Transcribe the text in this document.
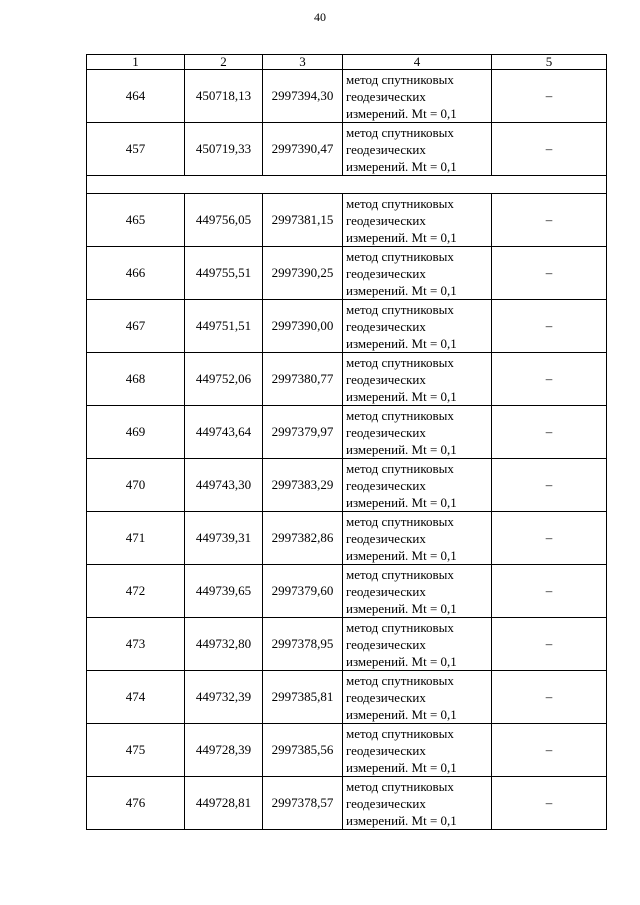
40
1	2	3	4	5
464	450718,13	2997394,30	метод спутниковых
геодезических
измерений. Mt = 0,1	–
457	450719,33	2997390,47	метод спутниковых
геодезических
измерений. Mt = 0,1	–

465	449756,05	2997381,15	метод спутниковых
геодезических
измерений. Mt = 0,1	–
466	449755,51	2997390,25	метод спутниковых
геодезических
измерений. Mt = 0,1	–
467	449751,51	2997390,00	метод спутниковых
геодезических
измерений. Mt = 0,1	–
468	449752,06	2997380,77	метод спутниковых
геодезических
измерений. Mt = 0,1	–
469	449743,64	2997379,97	метод спутниковых
геодезических
измерений. Mt = 0,1	–
470	449743,30	2997383,29	метод спутниковых
геодезических
измерений. Mt = 0,1	–
471	449739,31	2997382,86	метод спутниковых
геодезических
измерений. Mt = 0,1	–
472	449739,65	2997379,60	метод спутниковых
геодезических
измерений. Mt = 0,1	–
473	449732,80	2997378,95	метод спутниковых
геодезических
измерений. Mt = 0,1	–
474	449732,39	2997385,81	метод спутниковых
геодезических
измерений. Mt = 0,1	–
475	449728,39	2997385,56	метод спутниковых
геодезических
измерений. Mt = 0,1	–
476	449728,81	2997378,57	метод спутниковых
геодезических
измерений. Mt = 0,1	–
